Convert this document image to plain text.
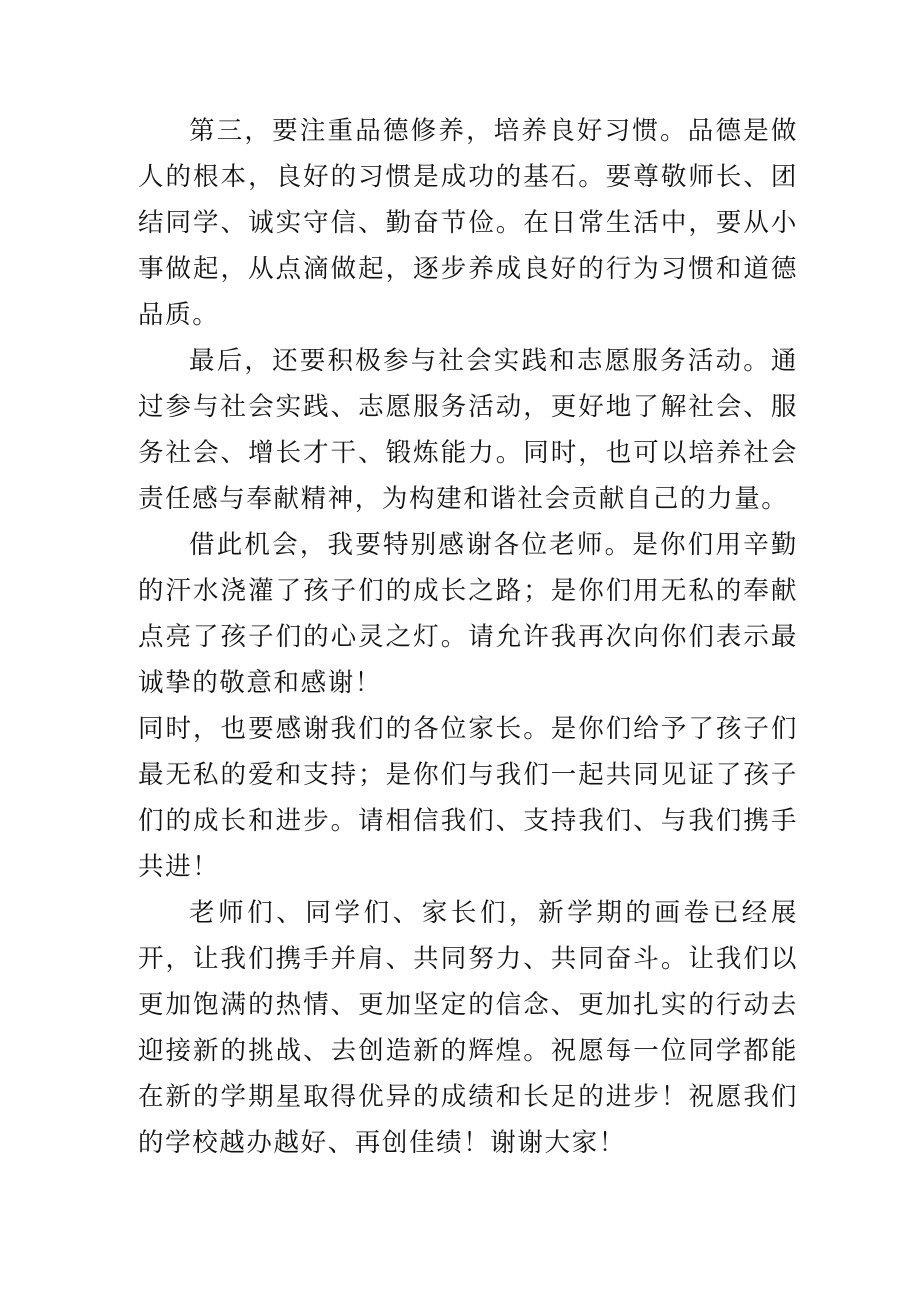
第三，要注重品德修养，培养良好习惯。品德是做人的根本，良好的习惯是成功的基石。要尊敬师长、团结同学、诚实守信、勤奋节俭。在日常生活中，要从小事做起，从点滴做起，逐步养成良好的行为习惯和道德品质。

最后，还要积极参与社会实践和志愿服务活动。通过参与社会实践、志愿服务活动，更好地了解社会、服务社会、增长才干、锻炼能力。同时，也可以培养社会责任感与奉献精神，为构建和谐社会贡献自己的力量。

借此机会，我要特别感谢各位老师。是你们用辛勤的汗水浇灌了孩子们的成长之路；是你们用无私的奉献点亮了孩子们的心灵之灯。请允许我再次向你们表示最诚挚的敬意和感谢！

同时，也要感谢我们的各位家长。是你们给予了孩子们最无私的爱和支持；是你们与我们一起共同见证了孩子们的成长和进步。请相信我们、支持我们、与我们携手共进！

老师们、同学们、家长们，新学期的画卷已经展开，让我们携手并肩、共同努力、共同奋斗。让我们以更加饱满的热情、更加坚定的信念、更加扎实的行动去迎接新的挑战、去创造新的辉煌。祝愿每一位同学都能在新的学期星取得优异的成绩和长足的进步！祝愿我们的学校越办越好、再创佳绩！谢谢大家！
